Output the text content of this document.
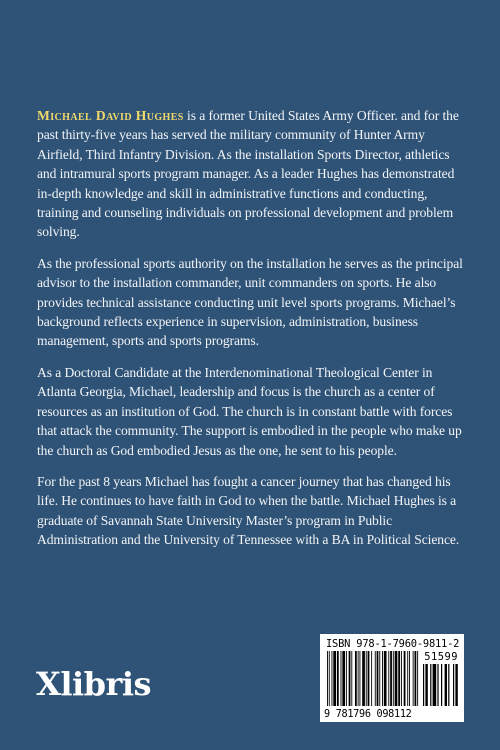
Michael David Hughes is a former United States Army Officer. and for the past thirty-five years has served the military community of Hunter Army Airfield, Third Infantry Division. As the installation Sports Director, athletics and intramural sports program manager. As a leader Hughes has demonstrated in-depth knowledge and skill in administrative functions and conducting, training and counseling individuals on professional development and problem solving.

As the professional sports authority on the installation he serves as the principal advisor to the installation commander, unit commanders on sports. He also provides technical assistance conducting unit level sports programs. Michael’s background reflects experience in supervision, administration, business management, sports and sports programs.

As a Doctoral Candidate at the Interdenominational Theological Center in Atlanta Georgia, Michael, leadership and focus is the church as a center of resources as an institution of God. The church is in constant battle with forces that attack the community. The support is embodied in the people who make up the church as God embodied Jesus as the one, he sent to his people.

For the past 8 years Michael has fought a cancer journey that has changed his life. He continues to have faith in God to when the battle. Michael Hughes is a graduate of Savannah State University Master’s program in Public Administration and the University of Tennessee with a BA in Political Science.

Xlibris
ISBN 978-1-7960-9811-2
51599
9 781796 098112
